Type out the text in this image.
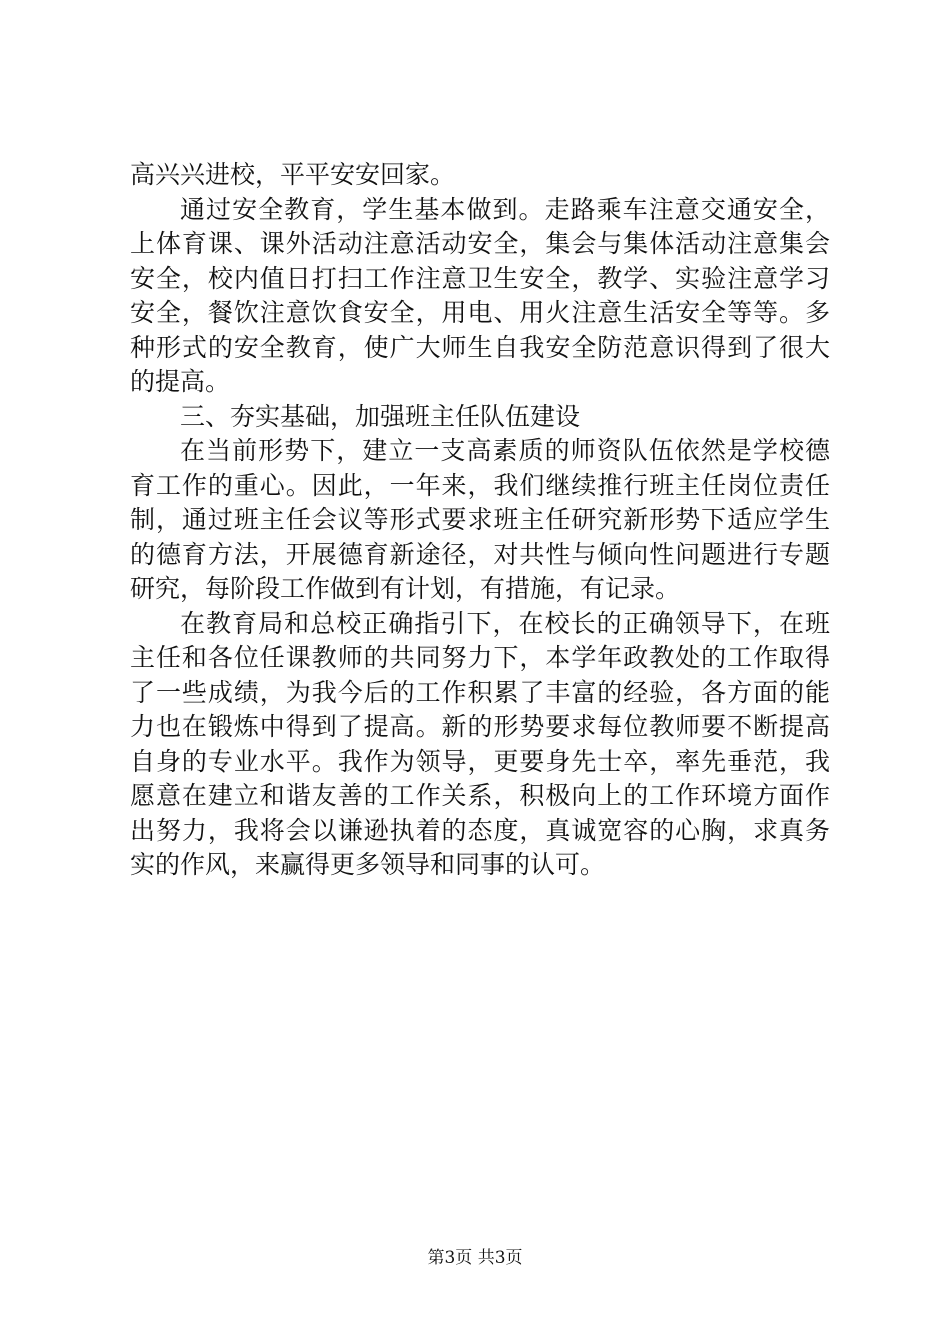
高兴兴进校，平平安安回家。
通过安全教育，学生基本做到。走路乘车注意交通安全，
上体育课、课外活动注意活动安全，集会与集体活动注意集会
安全，校内值日打扫工作注意卫生安全，教学、实验注意学习
安全，餐饮注意饮食安全，用电、用火注意生活安全等等。多
种形式的安全教育，使广大师生自我安全防范意识得到了很大
的提高。
三、夯实基础，加强班主任队伍建设
在当前形势下，建立一支高素质的师资队伍依然是学校德
育工作的重心。因此，一年来，我们继续推行班主任岗位责任
制，通过班主任会议等形式要求班主任研究新形势下适应学生
的德育方法，开展德育新途径，对共性与倾向性问题进行专题
研究，每阶段工作做到有计划，有措施，有记录。
在教育局和总校正确指引下，在校长的正确领导下，在班
主任和各位任课教师的共同努力下，本学年政教处的工作取得
了一些成绩，为我今后的工作积累了丰富的经验，各方面的能
力也在锻炼中得到了提高。新的形势要求每位教师要不断提高
自身的专业水平。我作为领导，更要身先士卒，率先垂范，我
愿意在建立和谐友善的工作关系，积极向上的工作环境方面作
出努力，我将会以谦逊执着的态度，真诚宽容的心胸，求真务
实的作风，来赢得更多领导和同事的认可。
第3页 共3页
